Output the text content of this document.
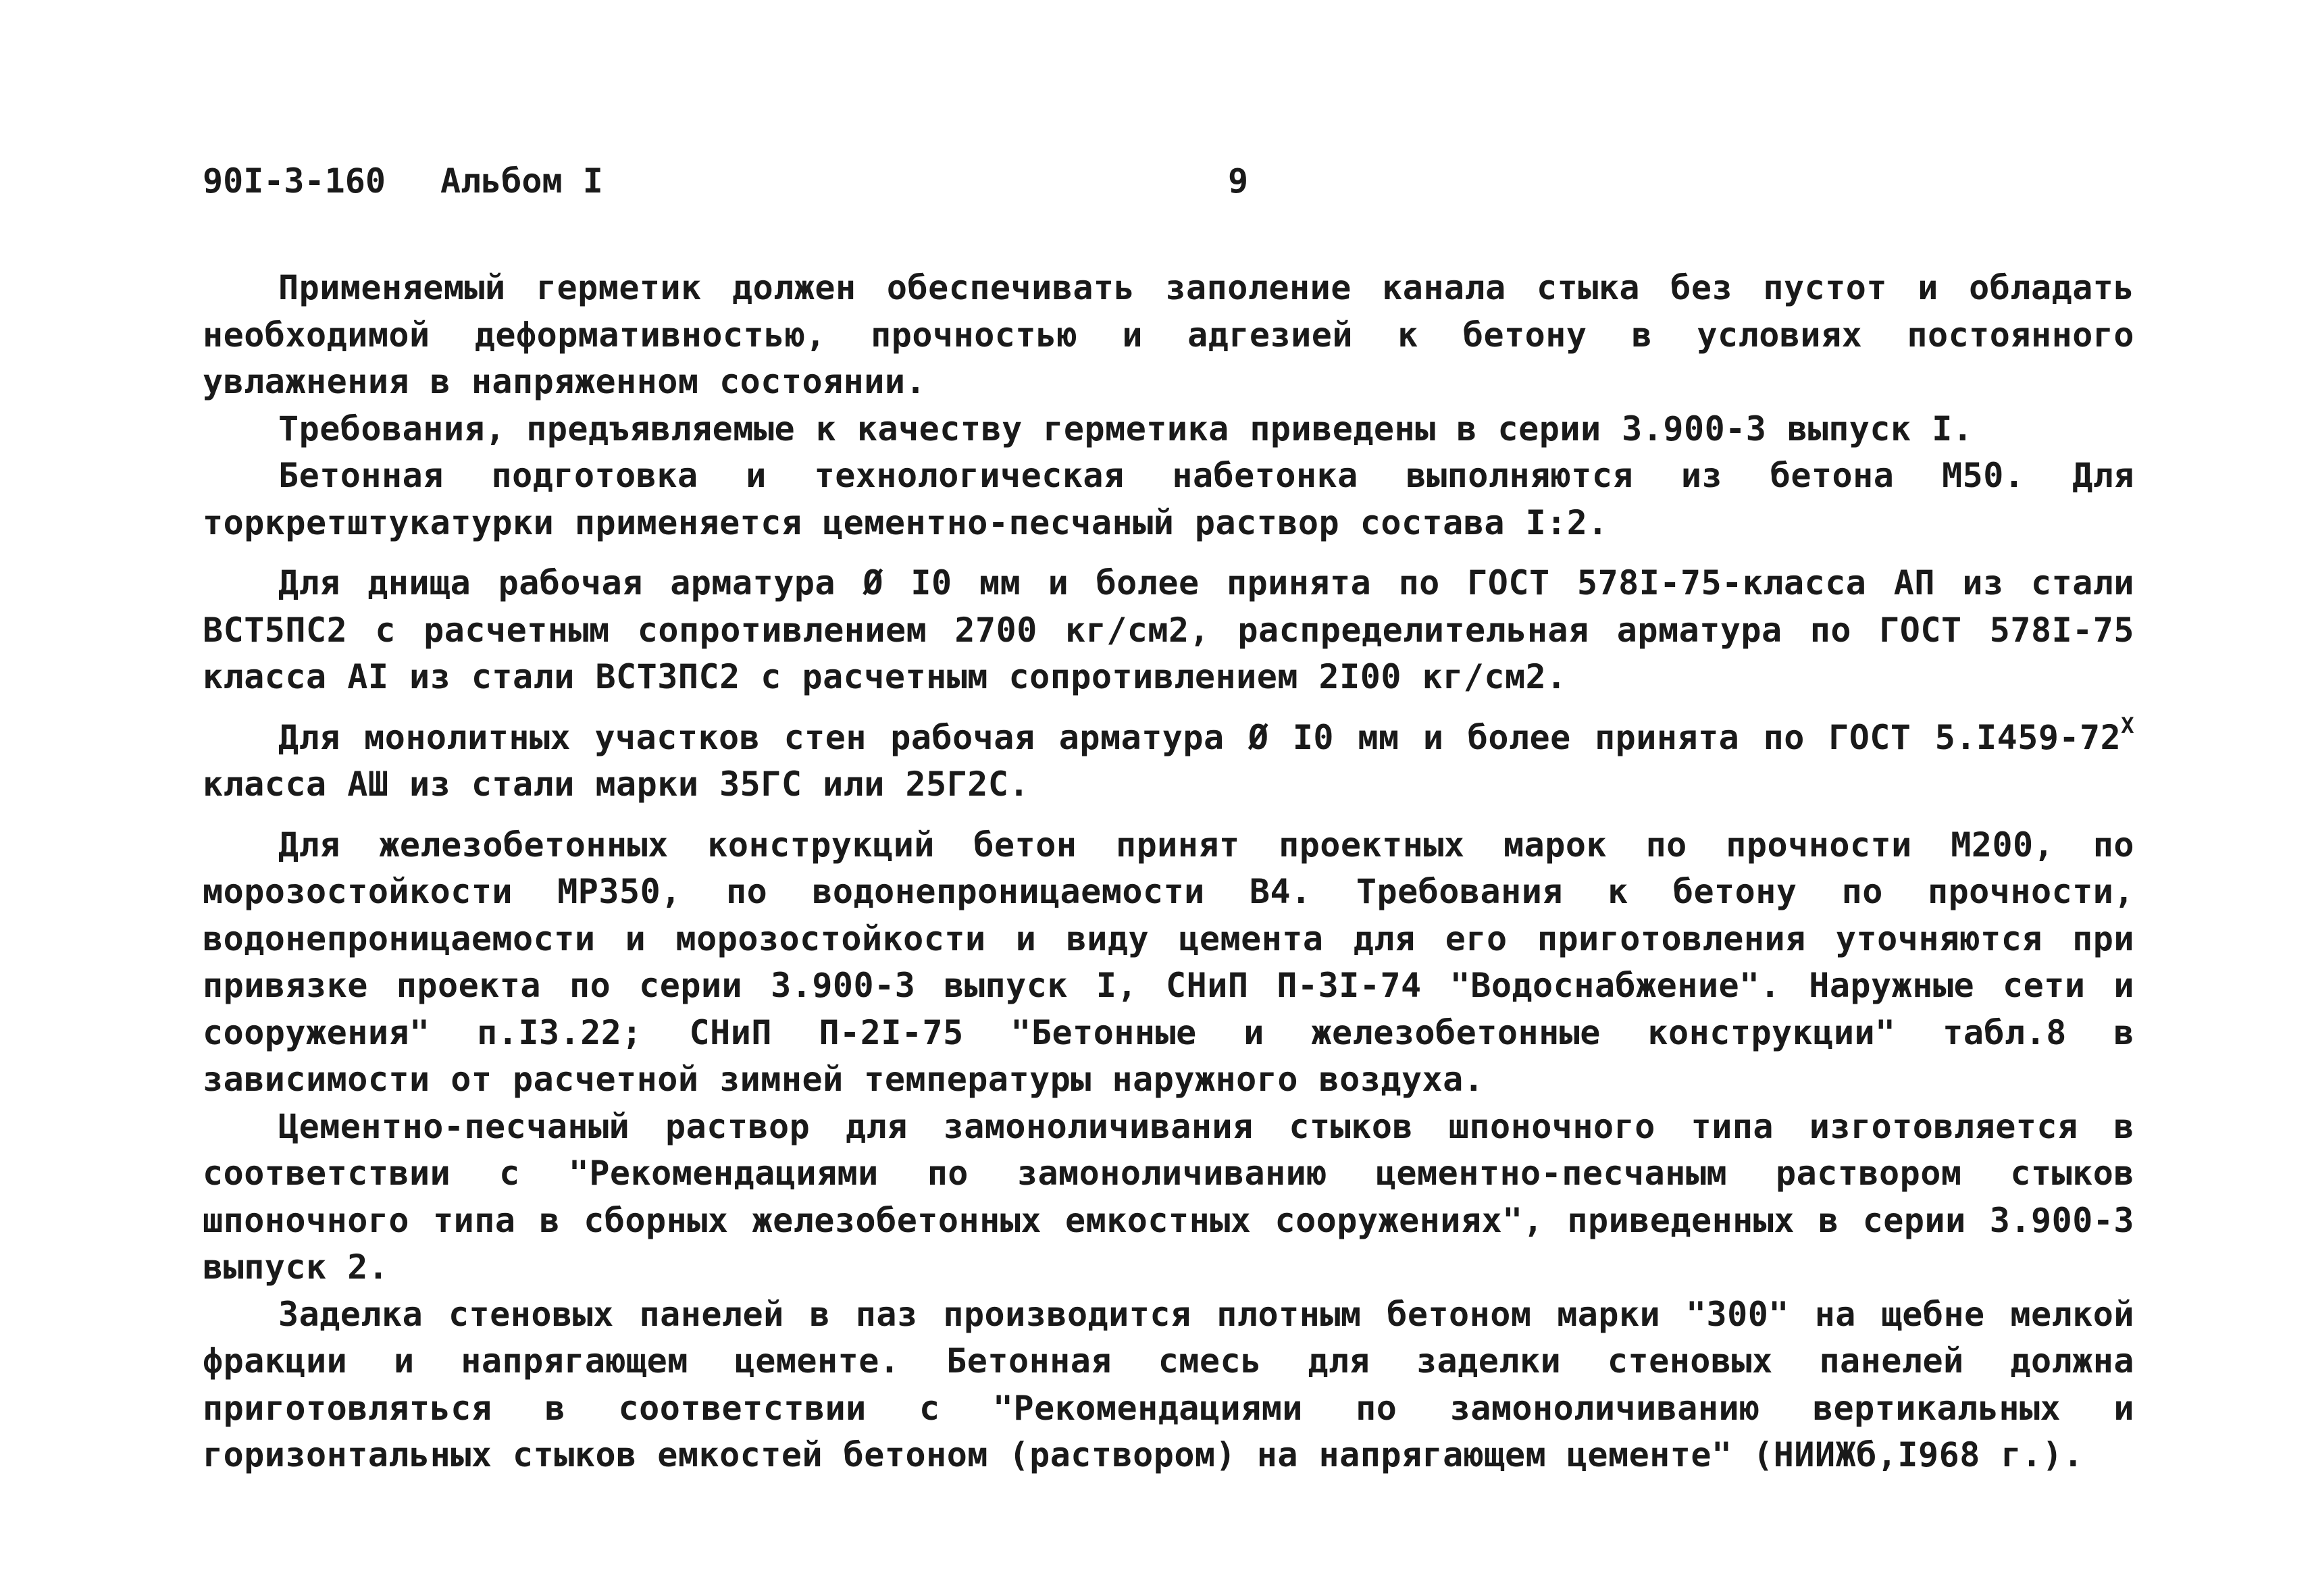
90I-3-160 Альбом I	9

Применяемый герметик должен обеспечивать заполение канала стыка без пустот и обладать необходимой деформативностью, прочностью и адгезией к бетону в условиях постоянного увлажнения в напряженном состоянии.

Требования, предъявляемые к качеству герметика приведены в серии 3.900-3 выпуск I.

Бетонная подготовка и технологическая набетонка выполняются из бетона М50. Для торкретштукатурки применяется цементно-песчаный раствор состава I:2.

Для днища рабочая арматура Ø I0 мм и более принята по ГОСТ 578I-75-класса АП из стали ВСТ5ПС2 с расчетным сопротивлением 2700 кг/см2, распределительная арматура по ГОСТ 578I-75 класса АI из стали ВСТ3ПС2 с расчетным сопротивлением 2I00 кг/см2.

Для монолитных участков стен рабочая арматура Ø I0 мм и более принята по ГОСТ $5.I459-72^X$ класса АШ из стали марки 35ГС или 25Г2С.

Для железобетонных конструкций бетон принят проектных марок по прочности М200, по морозостойкости МР350, по водонепроницаемости В4. Требования к бетону по прочности, водонепроницаемости и морозостойкости и виду цемента для его приготовления уточняются при привязке проекта по серии 3.900-3 выпуск I, СНиП П-3I-74 "Водоснабжение". Наружные сети и сооружения" п.I3.22; СНиП П-2I-75 "Бетонные и железобетонные конструкции" табл.8 в зависимости от расчетной зимней температуры наружного воздуха.

Цементно-песчаный раствор для замоноличивания стыков шпоночного типа изготовляется в соответствии с "Рекомендациями по замоноличиванию цементно-песчаным раствором стыков шпоночного типа в сборных железобетонных емкостных сооружениях", приведенных в серии 3.900-3 выпуск 2.

Заделка стеновых панелей в паз производится плотным бетоном марки "300" на щебне мелкой фракции и напрягающем цементе. Бетонная смесь для заделки стеновых панелей должна приготовляться в соответствии с "Рекомендациями по замоноличиванию вертикальных и горизонтальных стыков емкостей бетоном (раствором) на напрягающем цементе" (НИИЖб,I968 г.).
